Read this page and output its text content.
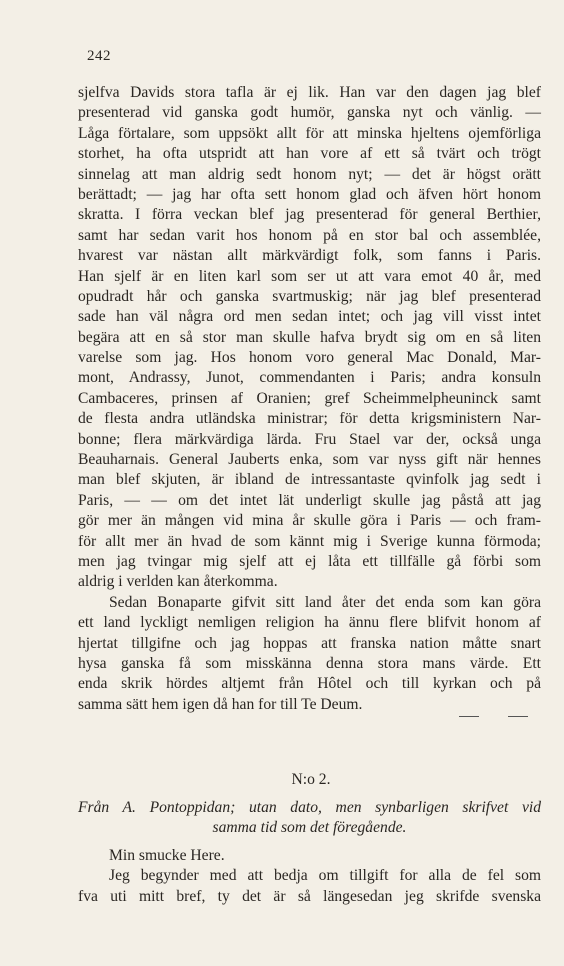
242
sjelfva Davids stora tafla är ej lik. Han var den dagen jag blef
presenterad vid ganska godt humör, ganska nyt och vänlig. —
Låga förtalare, som uppsökt allt för att minska hjeltens ojemförliga
storhet, ha ofta utspridt att han vore af ett så tvärt och trögt
sinnelag att man aldrig sedt honom nyt; — det är högst orätt
berättadt; — jag har ofta sett honom glad och äfven hört honom
skratta. I förra veckan blef jag presenterad för general Berthier,
samt har sedan varit hos honom på en stor bal och assemblée,
hvarest var nästan allt märkvärdigt folk, som fanns i Paris.
Han sjelf är en liten karl som ser ut att vara emot 40 år, med
opudradt hår och ganska svartmuskig; när jag blef presenterad
sade han väl några ord men sedan intet; och jag vill visst intet
begära att en så stor man skulle hafva brydt sig om en så liten
varelse som jag. Hos honom voro general Mac Donald, Mar-
mont, Andrassy, Junot, commendanten i Paris; andra konsuln
Cambaceres, prinsen af Oranien; gref Scheimmelpheuninck samt
de flesta andra utländska ministrar; för detta krigsministern Nar-
bonne; flera märkvärdiga lärda. Fru Stael var der, också unga
Beauharnais. General Jauberts enka, som var nyss gift när hennes
man blef skjuten, är ibland de intressantaste qvinfolk jag sedt i
Paris, — — om det intet lät underligt skulle jag påstå att jag
gör mer än mången vid mina år skulle göra i Paris — och fram-
för allt mer än hvad de som kännt mig i Sverige kunna förmoda;
men jag tvingar mig sjelf att ej låta ett tillfälle gå förbi som
aldrig i verlden kan återkomma.
Sedan Bonaparte gifvit sitt land åter det enda som kan göra
ett land lyckligt nemligen religion ha ännu flere blifvit honom af
hjertat tillgifne och jag hoppas att franska nation måtte snart
hysa ganska få som misskänna denna stora mans värde. Ett
enda skrik hördes altjemt från Hôtel och till kyrkan och på
samma sätt hem igen då han for till Te Deum.
N:o 2.
Från A. Pontoppidan; utan dato, men synbarligen skrifvet vid
samma tid som det föregående.
Min smucke Here.
Jeg begynder med att bedja om tillgift for alla de fel som
fva uti mitt bref, ty det är så längesedan jeg skrifde svenska
